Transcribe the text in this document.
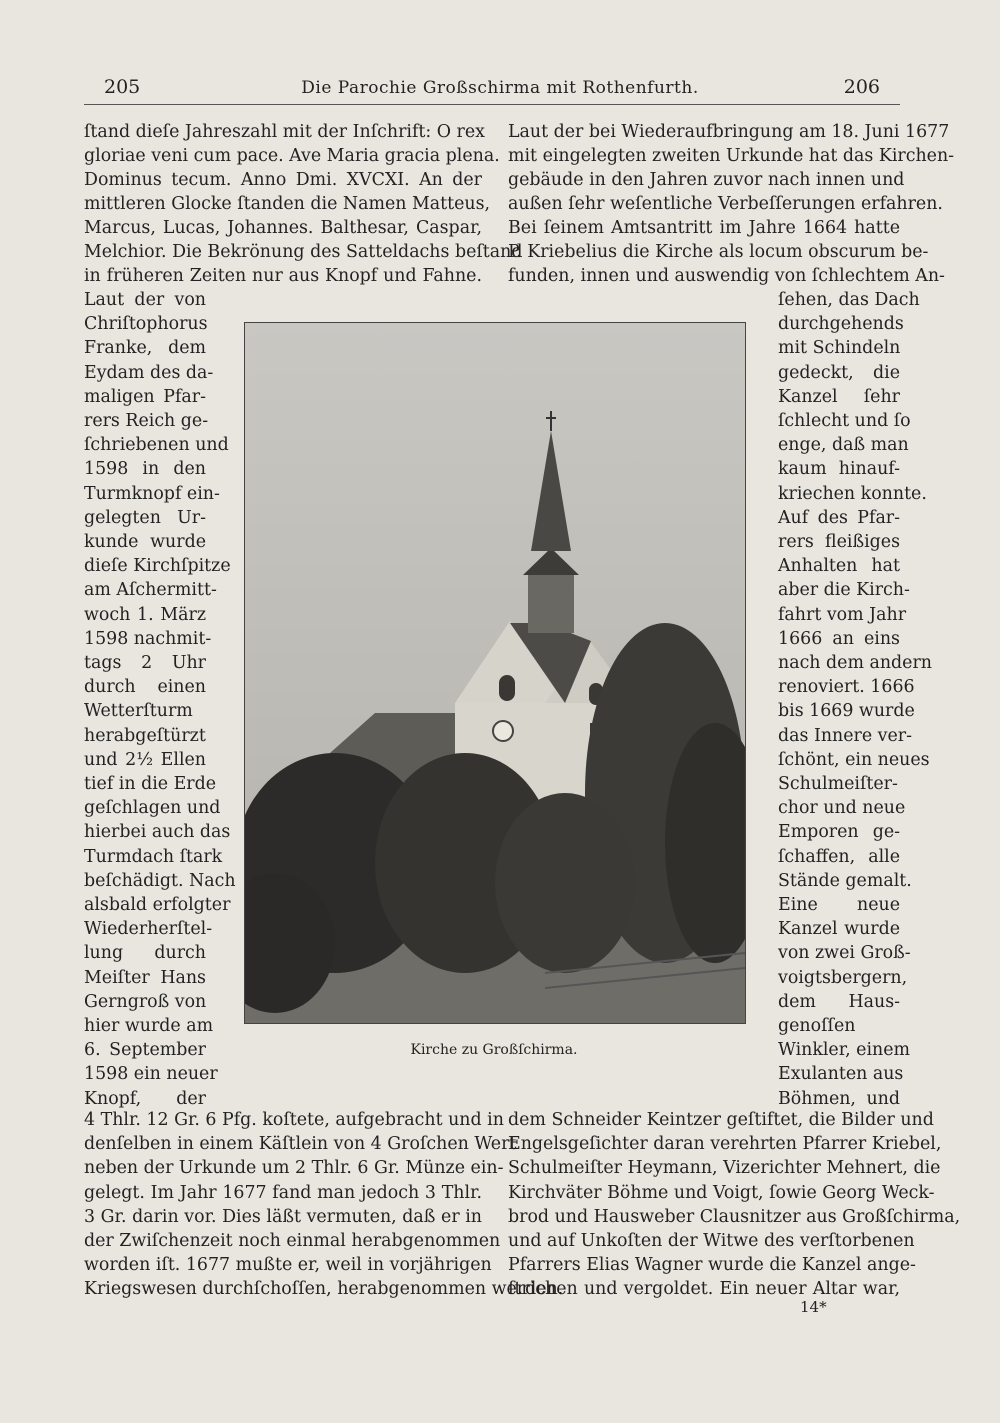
205	Die Parochie Großschirma mit Rothenfurth.	206
ſtand dieſe Jahreszahl mit der Inſchrift: O rex
gloriae veni cum pace. Ave Maria gracia plena.
Dominus tecum. Anno Dmi. XVCXI. An der
mittleren Glocke ſtanden die Namen Matteus,
Marcus, Lucas, Johannes. Balthesar, Caspar,
Melchior. Die Bekrönung des Satteldachs beſtand
in früheren Zeiten nur aus Knopf und Fahne.
Laut der von
Chriſtophorus
Franke, dem
Eydam des da-
maligen Pfar-
rers Reich ge-
ſchriebenen und
1598 in den
Turmknopf ein-
gelegten Ur-
kunde wurde
dieſe Kirchſpitze
am Aſchermitt-
woch 1. März
1598 nachmit-
tags 2 Uhr
durch einen
Wetterſturm
herabgeſtürzt
und 2½ Ellen
tief in die Erde
geſchlagen und
hierbei auch das
Turmdach ſtark
beſchädigt. Nach
alsbald erfolgter
Wiederherſtel-
lung durch
Meiſter Hans
Gerngroß von
hier wurde am
6. September
1598 ein neuer
Knopf, der
4 Thlr. 12 Gr. 6 Pfg. koſtete, aufgebracht und in
denſelben in einem Käſtlein von 4 Groſchen Wert
neben der Urkunde um 2 Thlr. 6 Gr. Münze ein-
gelegt. Im Jahr 1677 fand man jedoch 3 Thlr.
3 Gr. darin vor. Dies läßt vermuten, daß er in
der Zwiſchenzeit noch einmal herabgenommen
worden iſt. 1677 mußte er, weil in vorjährigen
Kriegswesen durchſchoſſen, herabgenommen werden.
Laut der bei Wiederaufbringung am 18. Juni 1677
mit eingelegten zweiten Urkunde hat das Kirchen-
gebäude in den Jahren zuvor nach innen und
außen ſehr weſentliche Verbeſſerungen erfahren.
Bei ſeinem Amtsantritt im Jahre 1664 hatte
P. Kriebelius die Kirche als locum obscurum be-
funden, innen und auswendig von ſchlechtem An-
ſehen, das Dach
durchgehends
mit Schindeln
gedeckt, die
Kanzel ſehr
ſchlecht und ſo
enge, daß man
kaum hinauf-
kriechen konnte.
Auf des Pfar-
rers fleißiges
Anhalten hat
aber die Kirch-
fahrt vom Jahr
1666 an eins
nach dem andern
renoviert. 1666
bis 1669 wurde
das Innere ver-
ſchönt, ein neues
Schulmeiſter-
chor und neue
Emporen ge-
ſchaffen, alle
Stände gemalt.
Eine neue
Kanzel wurde
von zwei Groß-
voigtsbergern,
dem Haus-
genoſſen
Winkler, einem
Exulanten aus
Böhmen, und
dem Schneider Keintzer geſtiftet, die Bilder und
Engelsgeſichter daran verehrten Pfarrer Kriebel,
Schulmeiſter Heymann, Vizerichter Mehnert, die
Kirchväter Böhme und Voigt, ſowie Georg Weck-
brod und Hausweber Clausnitzer aus Großſchirma,
und auf Unkoſten der Witwe des verſtorbenen
Pfarrers Elias Wagner wurde die Kanzel ange-
ſtrichen und vergoldet. Ein neuer Altar war,
Kirche zu Großſchirma.
14*
